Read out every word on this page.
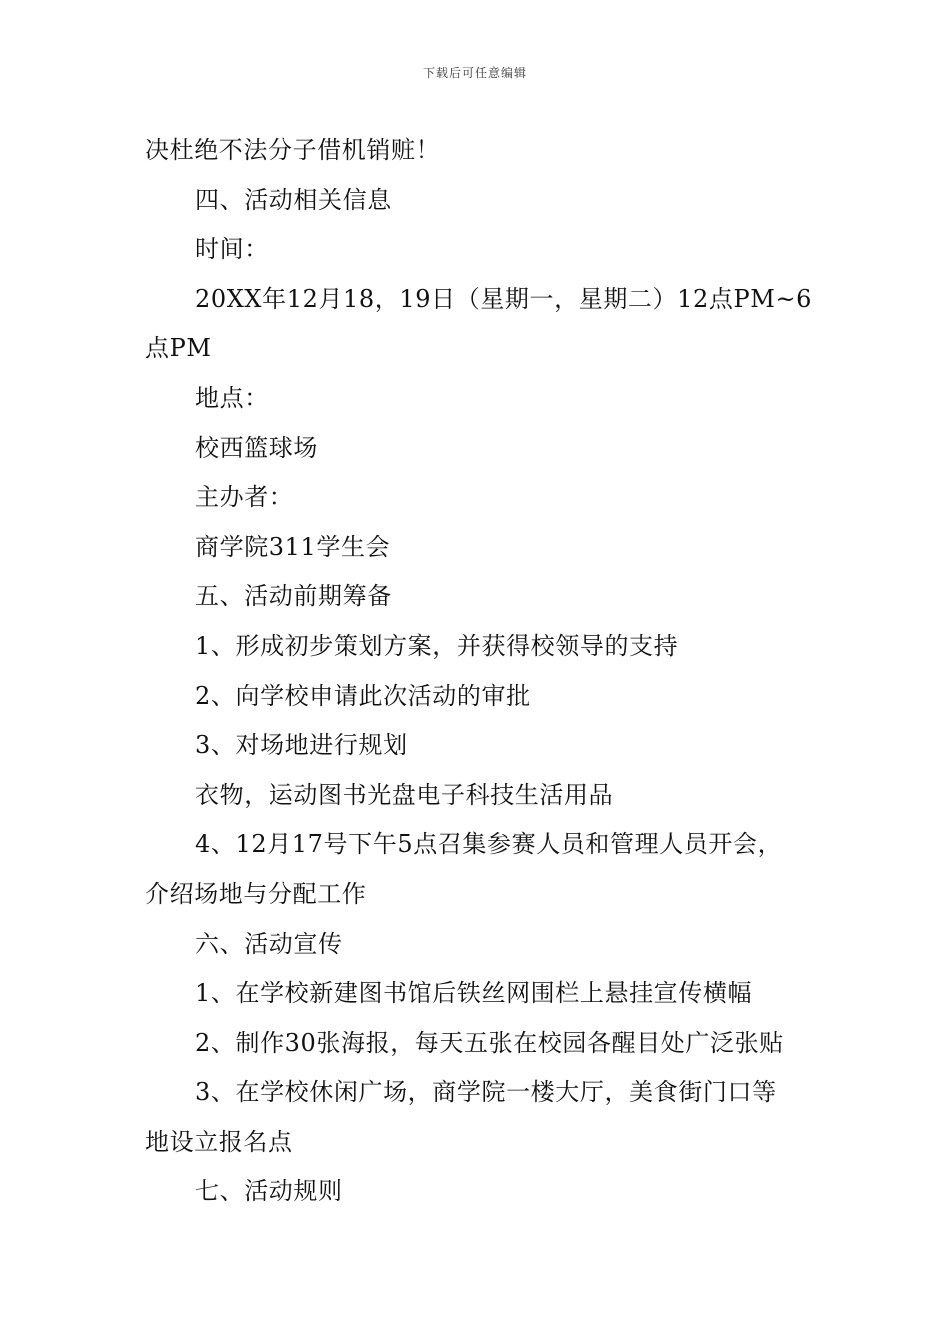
下载后可任意编辑

决杜绝不法分子借机销赃！

四、活动相关信息

时间：

20XX年12月18，19日（星期一，星期二）12点PM~6

点PM

地点：

校西篮球场

主办者：

商学院311学生会

五、活动前期筹备

1、形成初步策划方案，并获得校领导的支持

2、向学校申请此次活动的审批

3、对场地进行规划

衣物，运动图书光盘电子科技生活用品

4、12月17号下午5点召集参赛人员和管理人员开会，

介绍场地与分配工作

六、活动宣传

1、在学校新建图书馆后铁丝网围栏上悬挂宣传横幅

2、制作30张海报，每天五张在校园各醒目处广泛张贴

3、在学校休闲广场，商学院一楼大厅，美食街门口等

地设立报名点

七、活动规则
